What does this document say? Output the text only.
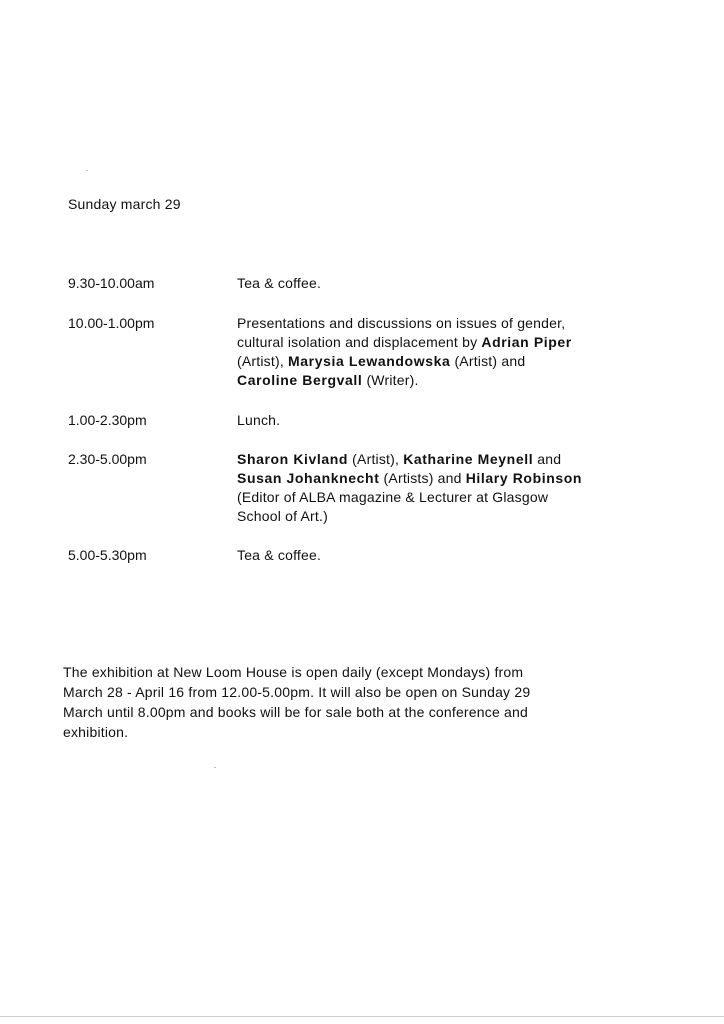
Sunday march 29
9.30-10.00am	Tea & coffee.
10.00-1.00pm	Presentations and discussions on issues of gender,
cultural isolation and displacement by Adrian Piper
(Artist), Marysia Lewandowska (Artist) and
Caroline Bergvall (Writer).
1.00-2.30pm	Lunch.
2.30-5.00pm	Sharon Kivland (Artist), Katharine Meynell and
Susan Johanknecht (Artists) and Hilary Robinson
(Editor of ALBA magazine & Lecturer at Glasgow
School of Art.)
5.00-5.30pm	Tea & coffee.
The exhibition at New Loom House is open daily (except Mondays) from
March 28 - April 16 from 12.00-5.00pm. It will also be open on Sunday 29
March until 8.00pm and books will be for sale both at the conference and
exhibition.
